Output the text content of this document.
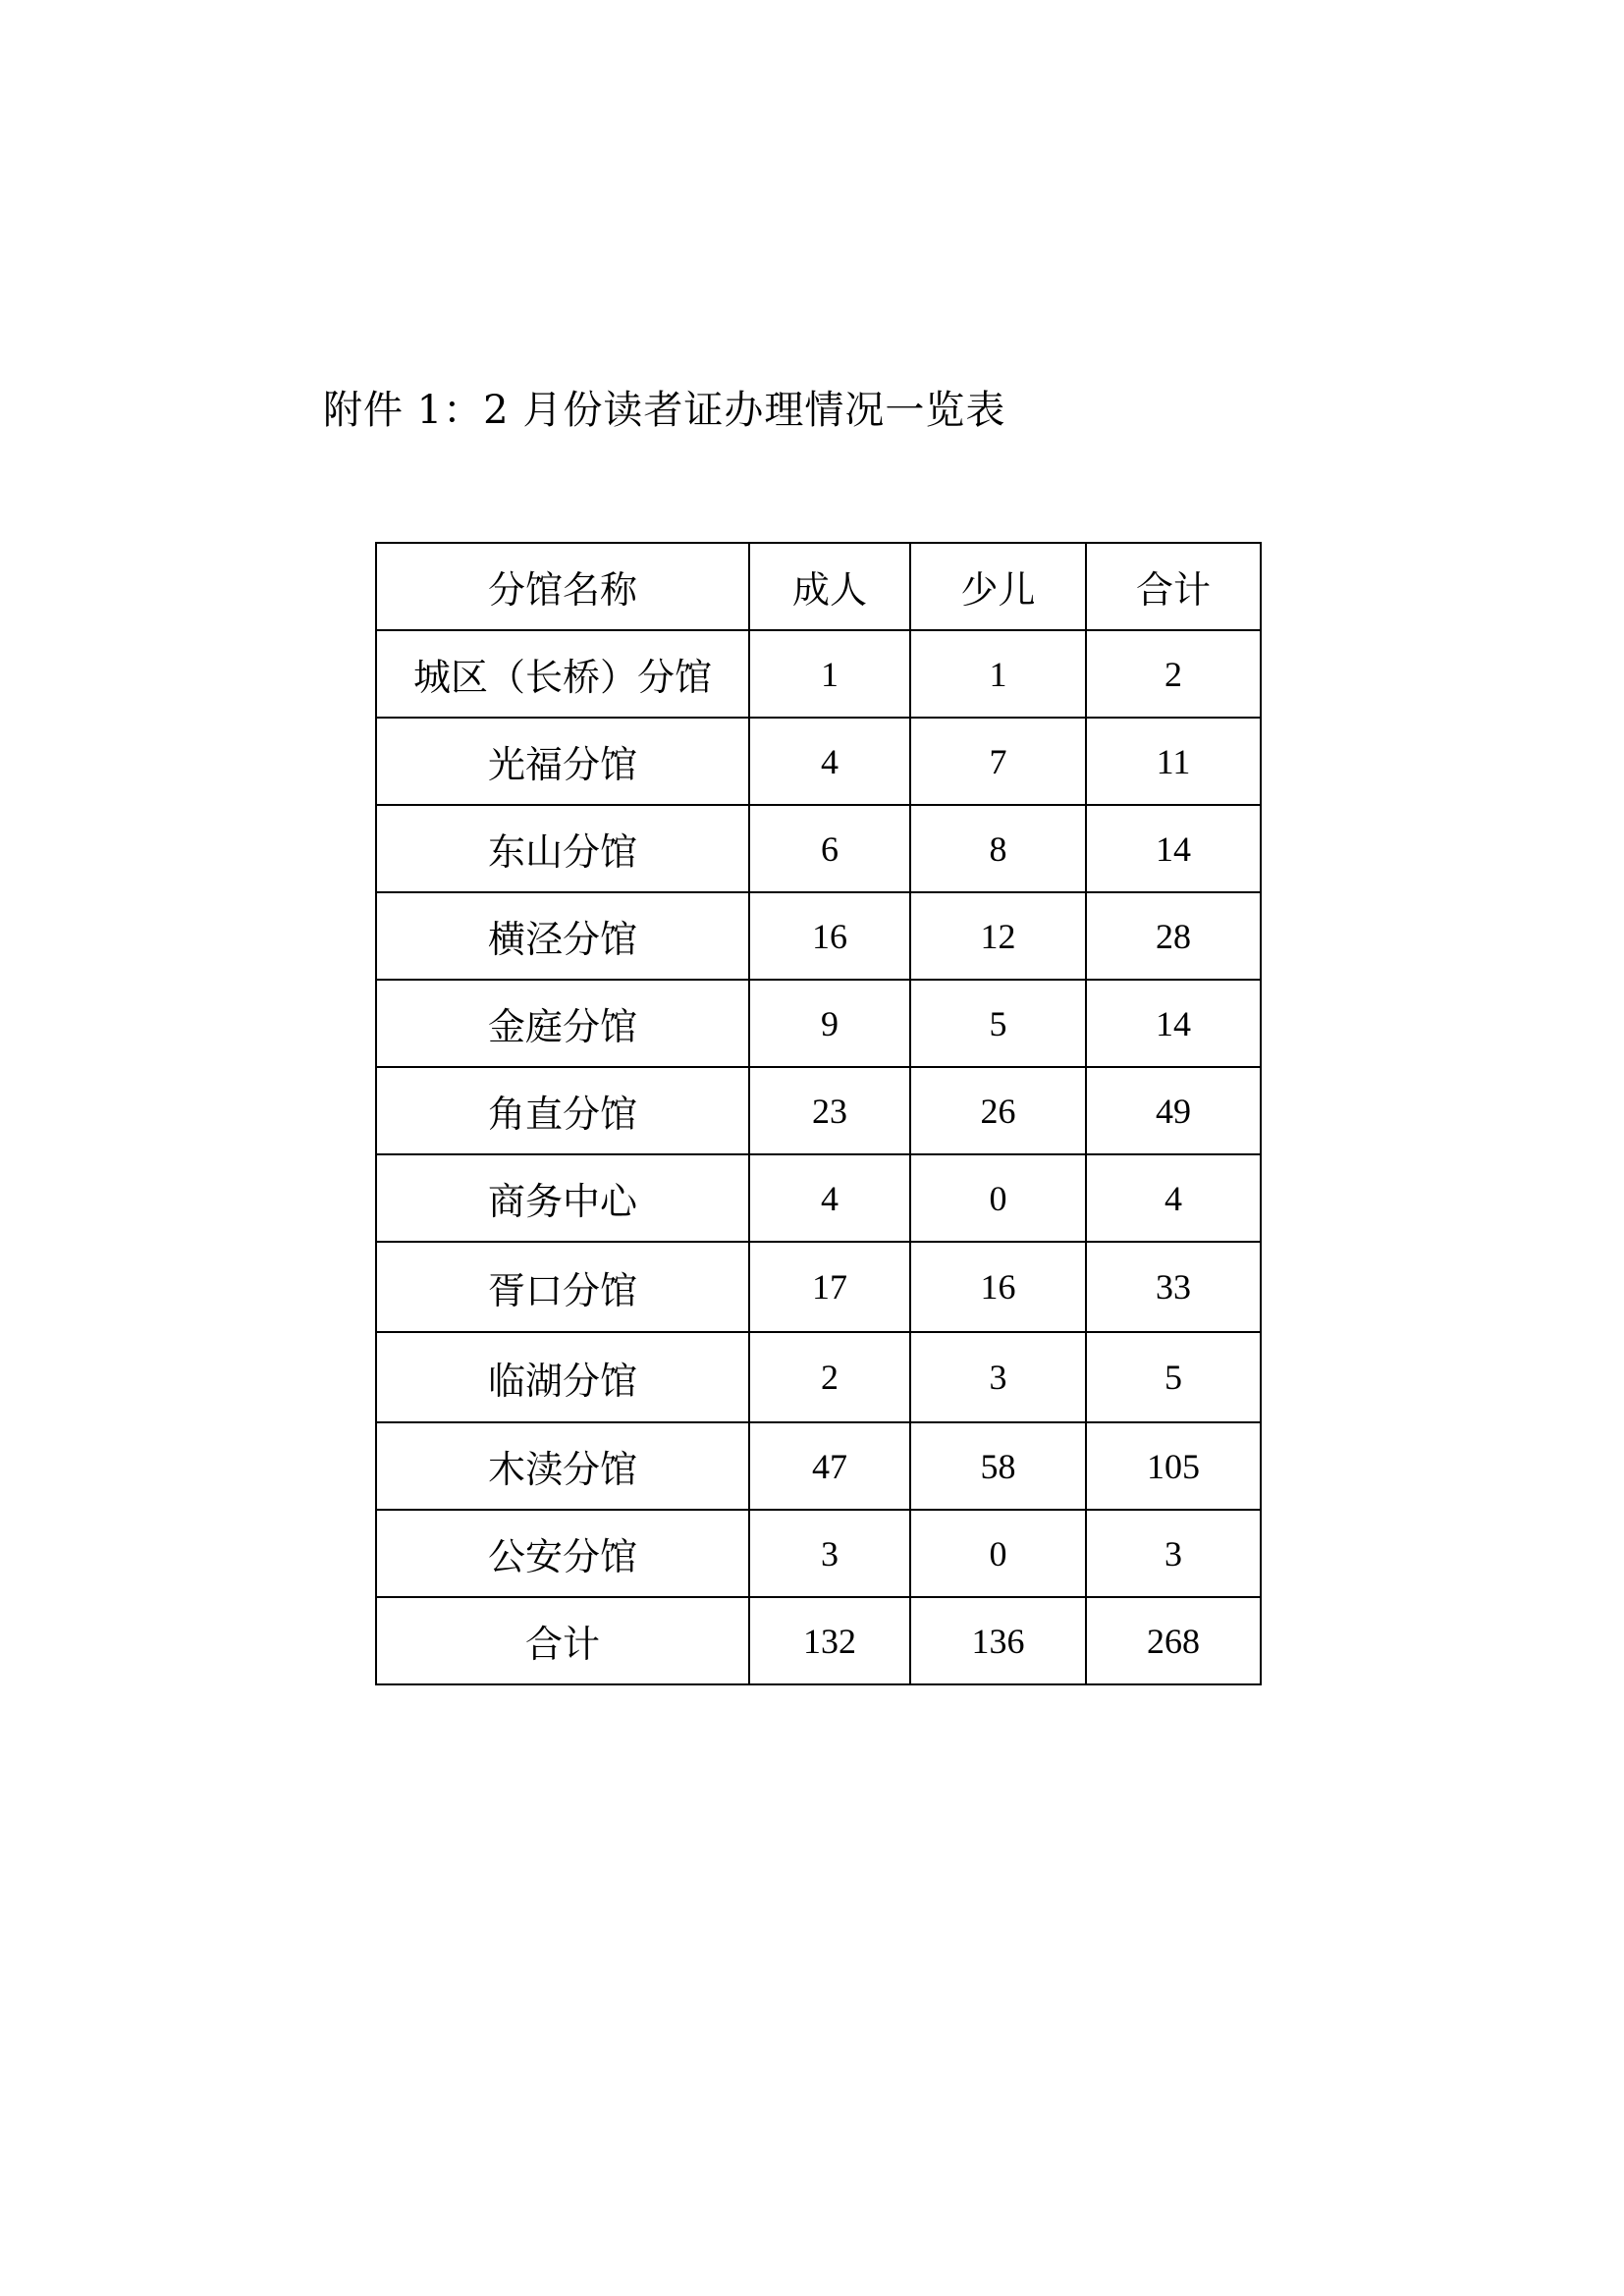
附件 1：2 月份读者证办理情况一览表
分馆名称	成人	少儿	合计
城区（长桥）分馆	1	1	2
光福分馆	4	7	11
东山分馆	6	8	14
横泾分馆	16	12	28
金庭分馆	9	5	14
角直分馆	23	26	49
商务中心	4	0	4
胥口分馆	17	16	33
临湖分馆	2	3	5
木渎分馆	47	58	105
公安分馆	3	0	3
合计	132	136	268
